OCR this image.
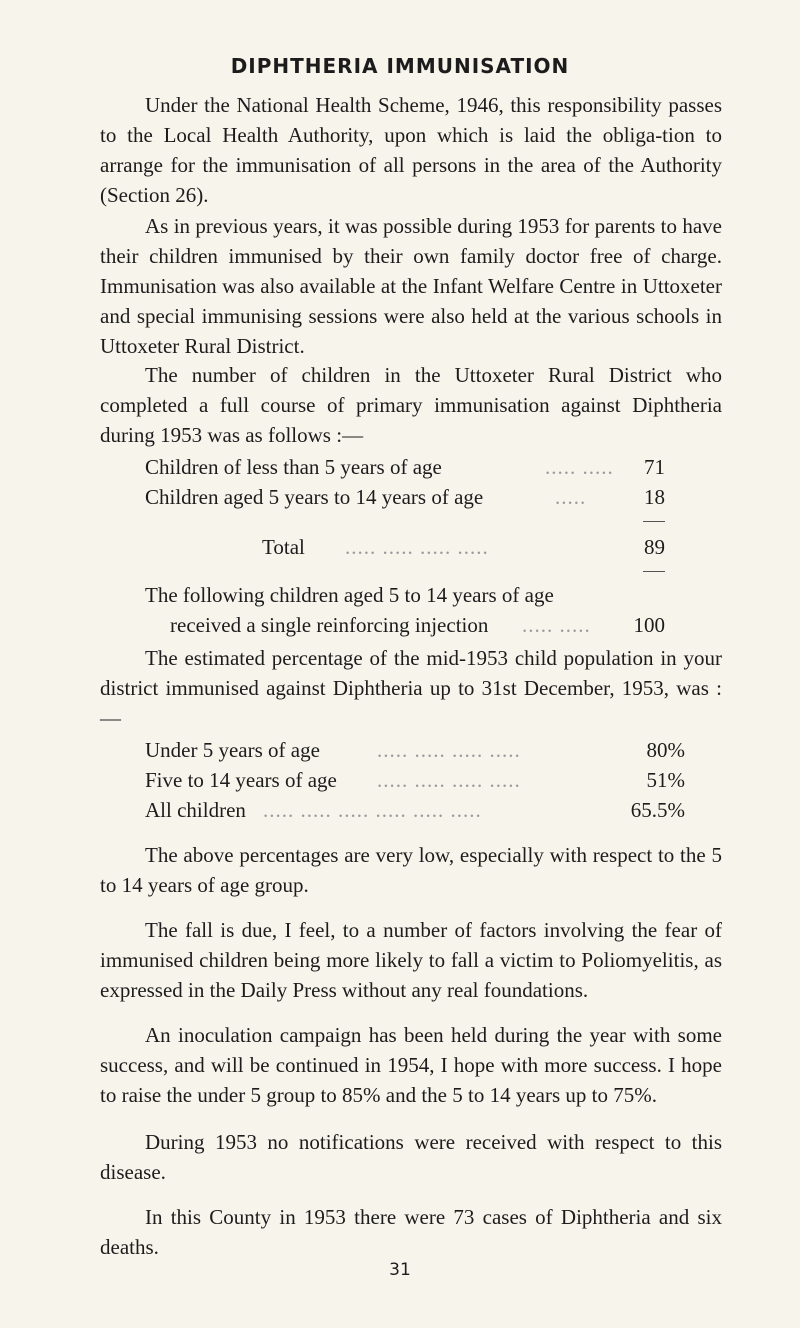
DIPHTHERIA IMMUNISATION
Under the National Health Scheme, 1946, this responsibility passes to the Local Health Authority, upon which is laid the obliga-tion to arrange for the immunisation of all persons in the area of the Authority (Section 26).
As in previous years, it was possible during 1953 for parents to have their children immunised by their own family doctor free of charge. Immunisation was also available at the Infant Welfare Centre in Uttoxeter and special immunising sessions were also held at the various schools in Uttoxeter Rural District.
The number of children in the Uttoxeter Rural District who completed a full course of primary immunisation against Diphtheria during 1953 was as follows :—
Children of less than 5 years of age	..... ..... 71
Children aged 5 years to 14 years of age	.....	18
Total ..... ..... ..... .....	89
The following children aged 5 to 14 years of age
received a single reinforcing injection ..... ..... 100
The estimated percentage of the mid-1953 child population in your district immunised against Diphtheria up to 31st December, 1953, was :—
Under 5 years of age	..... ..... ..... .....	80%
Five to 14 years of age ..... ..... ..... .....	51%
All children ..... ..... ..... ..... ..... .....	65.5%
The above percentages are very low, especially with respect to the 5 to 14 years of age group.
The fall is due, I feel, to a number of factors involving the fear of immunised children being more likely to fall a victim to Poliomyelitis, as expressed in the Daily Press without any real foundations.
An inoculation campaign has been held during the year with some success, and will be continued in 1954, I hope with more success. I hope to raise the under 5 group to 85% and the 5 to 14 years up to 75%.
During 1953 no notifications were received with respect to this disease.
In this County in 1953 there were 73 cases of Diphtheria and six deaths.
31
